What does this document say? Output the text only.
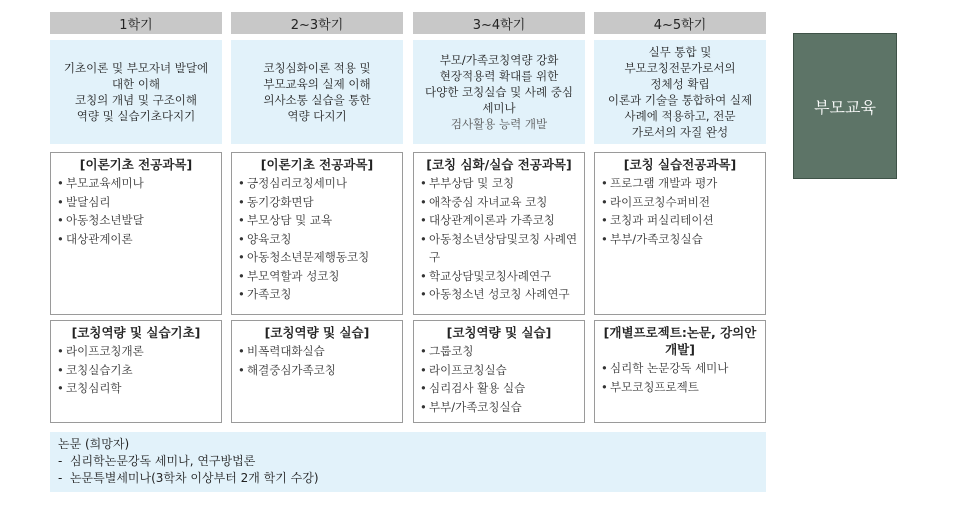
1학기
기초이론 및 부모자녀 발달에
대한 이해
코칭의 개념 및 구조이해
역량 및 실습기초다지기
[이론기초 전공과목]
• 부모교육세미나
• 발달심리
• 아동청소년발달
• 대상관계이론
[코칭역량 및 실습기초]
• 라이프코칭개론
• 코칭실습기초
• 코칭심리학
2~3학기
코칭심화이론 적용 및
부모교육의 실제 이해
의사소통 실습을 통한
역량 다지기
[이론기초 전공과목]
• 긍정심리코칭세미나
• 동기강화면담
• 부모상담 및 교육
• 양육코칭
• 아동청소년문제행동코칭
• 부모역할과 성코칭
• 가족코칭
[코칭역량 및 실습]
• 비폭력대화실습
• 해결중심가족코칭
3~4학기
부모/가족코칭역량 강화
현장적용력 확대를 위한
다양한 코칭실습 및 사례 중심
세미나
검사활용 능력 개발
[코칭 심화/실습 전공과목]
• 부부상담 및 코칭
• 애착중심 자녀교육 코칭
• 대상관계이론과 가족코칭
• 아동청소년상담및코칭 사례연구
• 학교상담및코칭사례연구
• 아동청소년 성코칭 사례연구
[코칭역량 및 실습]
• 그룹코칭
• 라이프코칭실습
• 심리검사 활용 실습
• 부부/가족코칭실습
4~5학기
실무 통합 및
부모코칭전문가로서의
정체성 확립
이론과 기술을 통합하여 실제
사례에 적용하고, 전문
가로서의 자질 완성
[코칭 실습전공과목]
• 프로그램 개발과 평가
• 라이프코칭수퍼비전
• 코칭과 퍼실리테이션
• 부부/가족코칭실습
[개별프로젝트:논문, 강의안 개발]
• 심리학 논문강독 세미나
• 부모코칭프로젝트
부모교육
논문 (희망자)
-  심리학논문강독 세미나, 연구방법론
-  논문특별세미나(3학차 이상부터 2개 학기 수강)
